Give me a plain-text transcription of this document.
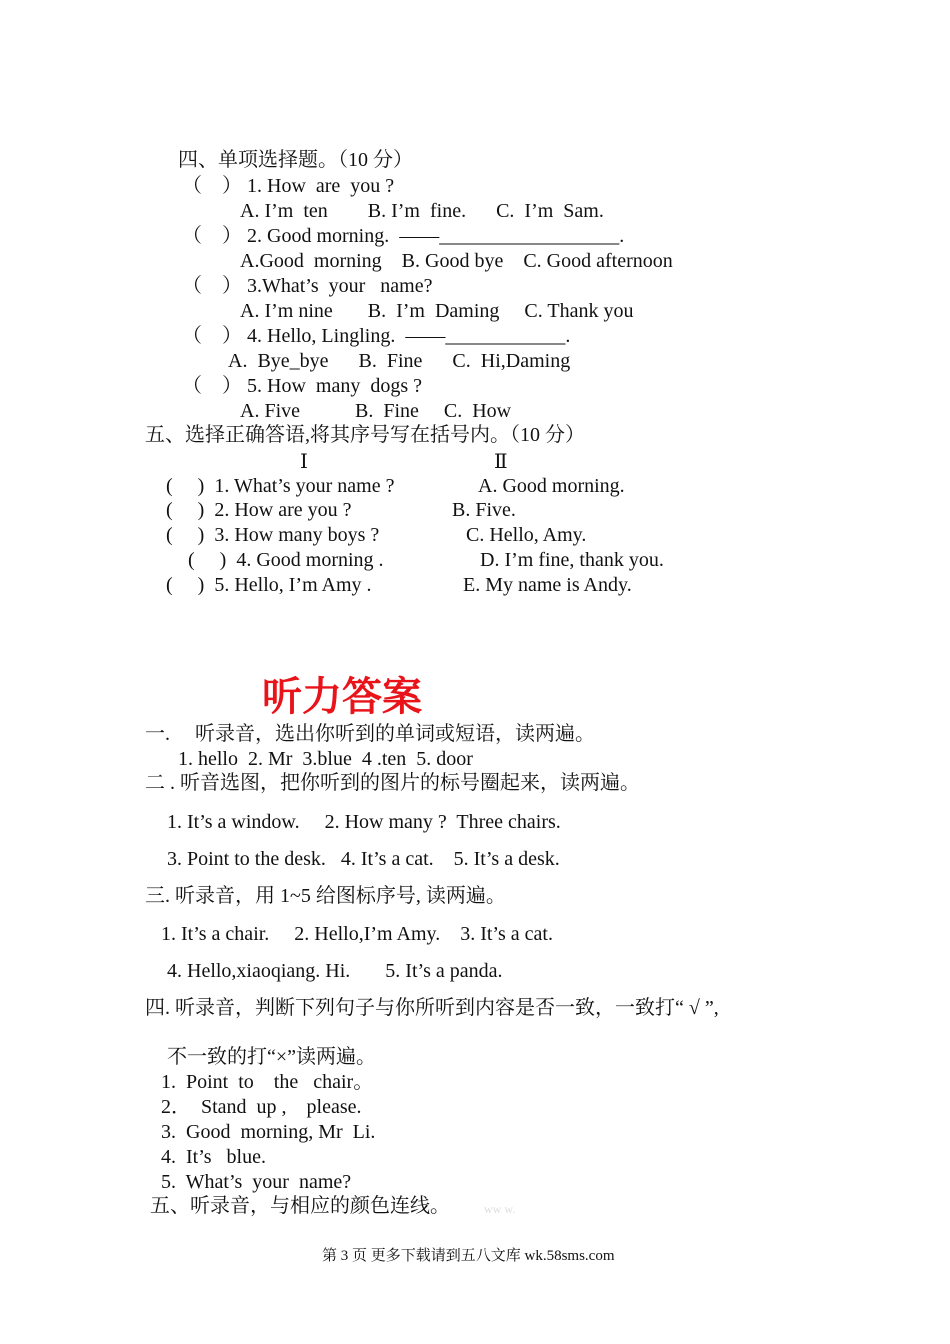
四、单项选择题。（10 分）
（    ） 1. How  are  you ?
A. I’m  ten        B. I’m  fine.      C.  I’m  Sam.
（    ） 2. Good morning.  ——__________________.
A.Good  morning    B. Good bye    C. Good afternoon
（    ） 3.What’s  your   name?
A. I’m nine       B.  I’m  Daming     C. Thank you
（    ） 4. Hello, Lingling.  ——____________.
A.  Bye_bye      B.  Fine      C.  Hi,Daming
（    ） 5. How  many  dogs ?
A. Five           B.  Fine     C.  How
五、选择正确答语,将其序号写在括号内。（10 分）
Ⅰ	Ⅱ
(     )  1. What’s your name ?	A. Good morning.
(     )  2. How are you ?	B. Five.
(     )  3. How many boys ?	C. Hello, Amy.
(     )  4. Good morning .	D. I’m fine, thank you.
(     )  5. Hello, I’m Amy .	E. My name is Andy.
听力答案
一.     听录音，选出你听到的单词或短语，读两遍。
1. hello  2. Mr  3.blue  4 .ten  5. door
二 . 听音选图，把你听到的图片的标号圈起来，读两遍。
1. It’s a window.     2. How many ?  Three chairs.
3. Point to the desk.   4. It’s a cat.    5. It’s a desk.
三. 听录音，用 1~5 给图标序号, 读两遍。
1. It’s a chair.     2. Hello,I’m Amy.    3. It’s a cat.
4. Hello,xiaoqiang. Hi.       5. It’s a panda.
四. 听录音，判断下列句子与你所听到内容是否一致，一致打“ √ ”,
不一致的打“×”读两遍。
1.  Point  to    the   chair。
2．  Stand  up ,    please.
3.  Good  morning, Mr  Li.
4.  It’s   blue.
5.  What’s  your  name?
五、听录音，与相应的颜色连线。	ww w.
第 3 页 更多下载请到五八文库 wk.58sms.com
